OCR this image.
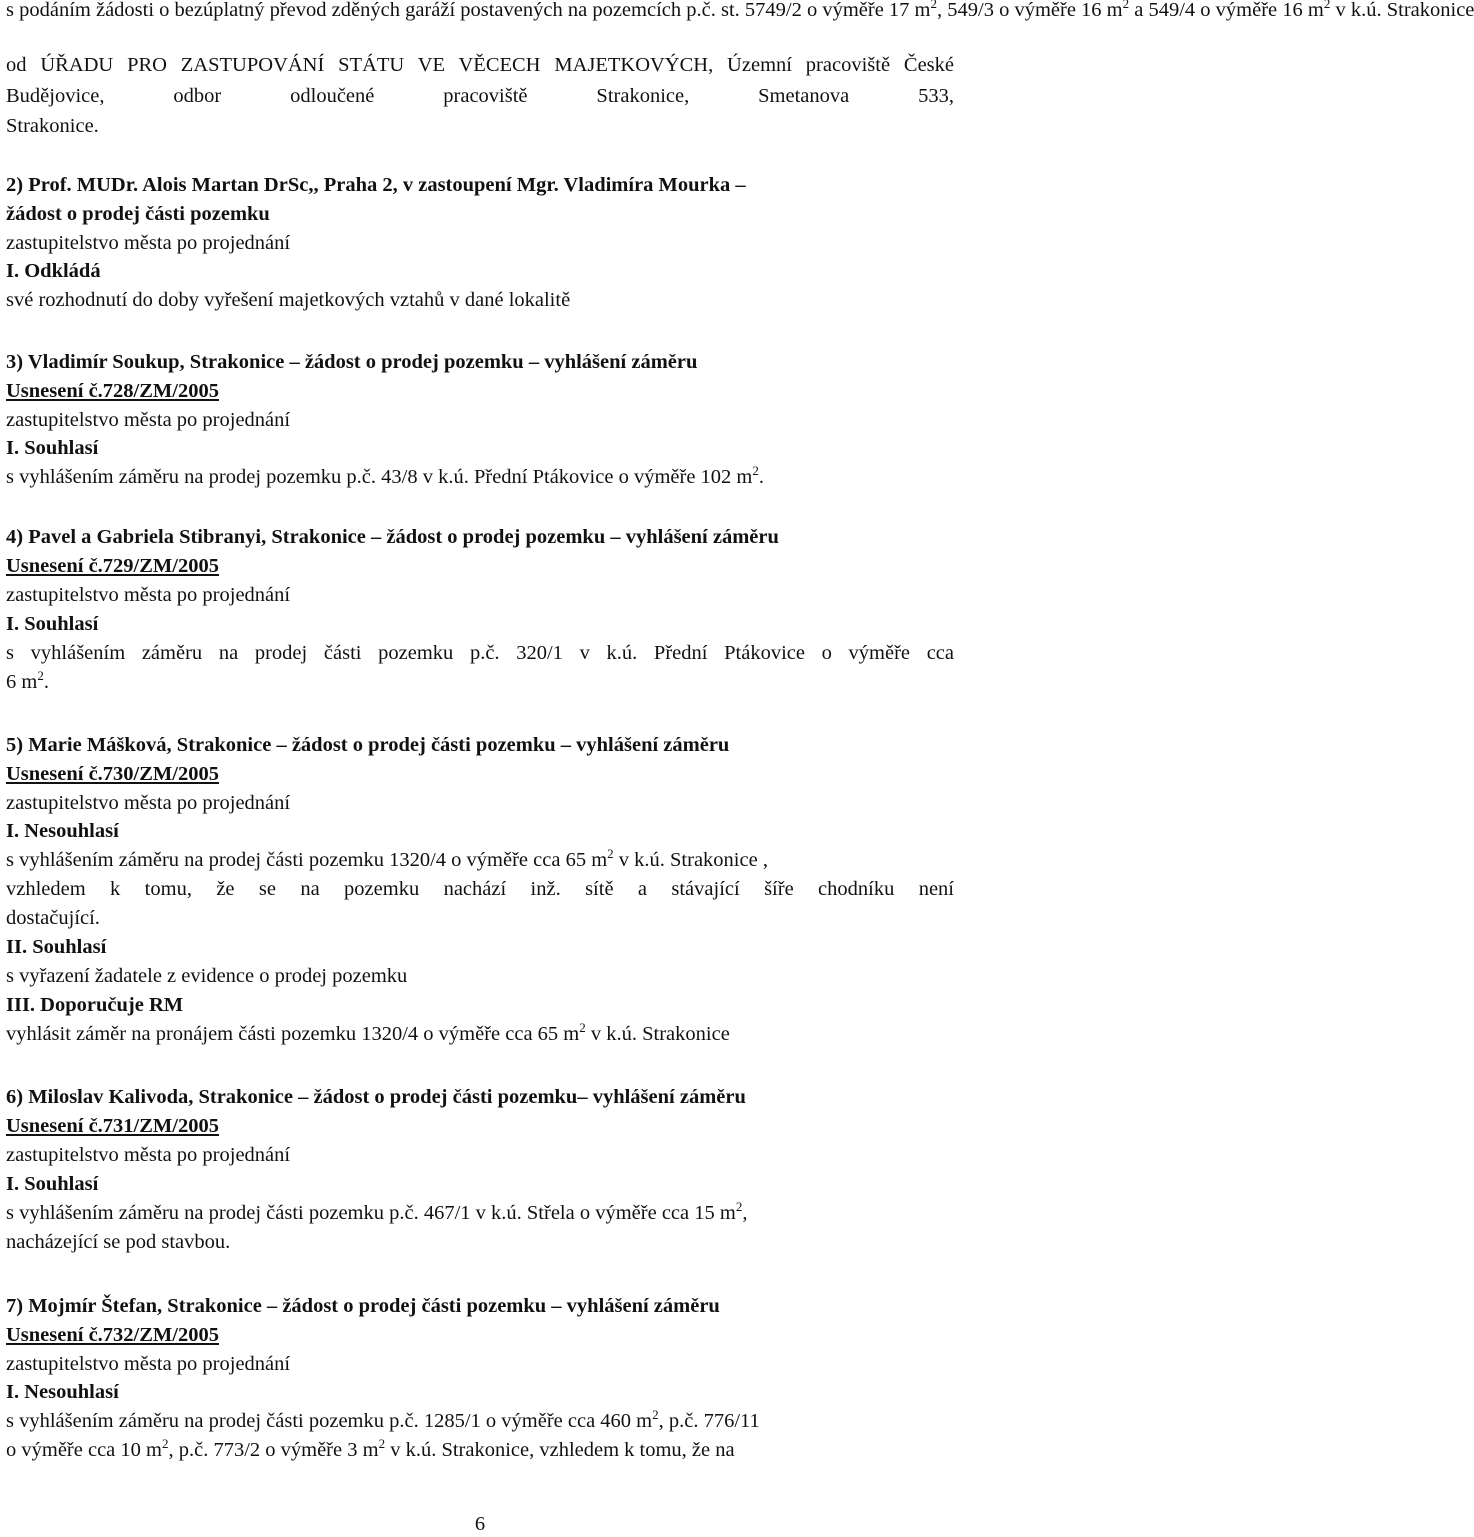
s podáním žádosti o bezúplatný převod zděných garáží postavených na pozemcích p.č. st. 5749/2 o výměře 17 $m^2$, 549/3 o výměře 16 $m^2$ a 549/4 o výměře 16 $m^2$ v k.ú. Strakonice
od ÚŘADU PRO ZASTUPOVÁNÍ STÁTU VE VĚCECH MAJETKOVÝCH, Územní pracoviště České Budějovice, odbor odloučené pracoviště Strakonice, Smetanova 533,
Strakonice.
2) Prof. MUDr. Alois Martan DrSc,, Praha 2, v zastoupení Mgr. Vladimíra Mourka –
žádost o prodej části pozemku
zastupitelstvo města po projednání
I. Odkládá
své rozhodnutí do doby vyřešení majetkových vztahů v dané lokalitě
3) Vladimír Soukup, Strakonice – žádost o prodej pozemku – vyhlášení záměru
Usnesení č.728/ZM/2005
zastupitelstvo města po projednání
I. Souhlasí
s vyhlášením záměru na prodej pozemku p.č. 43/8 v k.ú. Přední Ptákovice o výměře 102 $m^2$.
4) Pavel a Gabriela Stibranyi, Strakonice – žádost o prodej pozemku – vyhlášení záměru
Usnesení č.729/ZM/2005
zastupitelstvo města po projednání
I. Souhlasí
s vyhlášením záměru na prodej části pozemku p.č. 320/1 v k.ú. Přední Ptákovice o výměře cca
6 $m^2$.
5) Marie Mášková, Strakonice – žádost o prodej části pozemku – vyhlášení záměru
Usnesení č.730/ZM/2005
zastupitelstvo města po projednání
I. Nesouhlasí
s vyhlášením záměru na prodej části pozemku 1320/4 o výměře cca 65 $m^2$ v k.ú. Strakonice ,
vzhledem k tomu, že se na pozemku nachází inž. sítě a stávající šíře chodníku není
dostačující.
II. Souhlasí
s vyřazení žadatele z evidence o prodej pozemku
III. Doporučuje RM
vyhlásit záměr na pronájem části pozemku 1320/4 o výměře cca 65 $m^2$ v k.ú. Strakonice
6) Miloslav Kalivoda, Strakonice – žádost o prodej části pozemku– vyhlášení záměru
Usnesení č.731/ZM/2005
zastupitelstvo města po projednání
I. Souhlasí
s vyhlášením záměru na prodej části pozemku p.č. 467/1 v k.ú. Střela o výměře cca 15 $m^2$,
nacházející se pod stavbou.
7) Mojmír Štefan, Strakonice – žádost o prodej části pozemku – vyhlášení záměru
Usnesení č.732/ZM/2005
zastupitelstvo města po projednání
I. Nesouhlasí
s vyhlášením záměru na prodej části pozemku p.č. 1285/1 o výměře cca 460 $m^2$, p.č. 776/11
o výměře cca 10 $m^2$, p.č. 773/2 o výměře 3 $m^2$ v k.ú. Strakonice, vzhledem k tomu, že na
6
